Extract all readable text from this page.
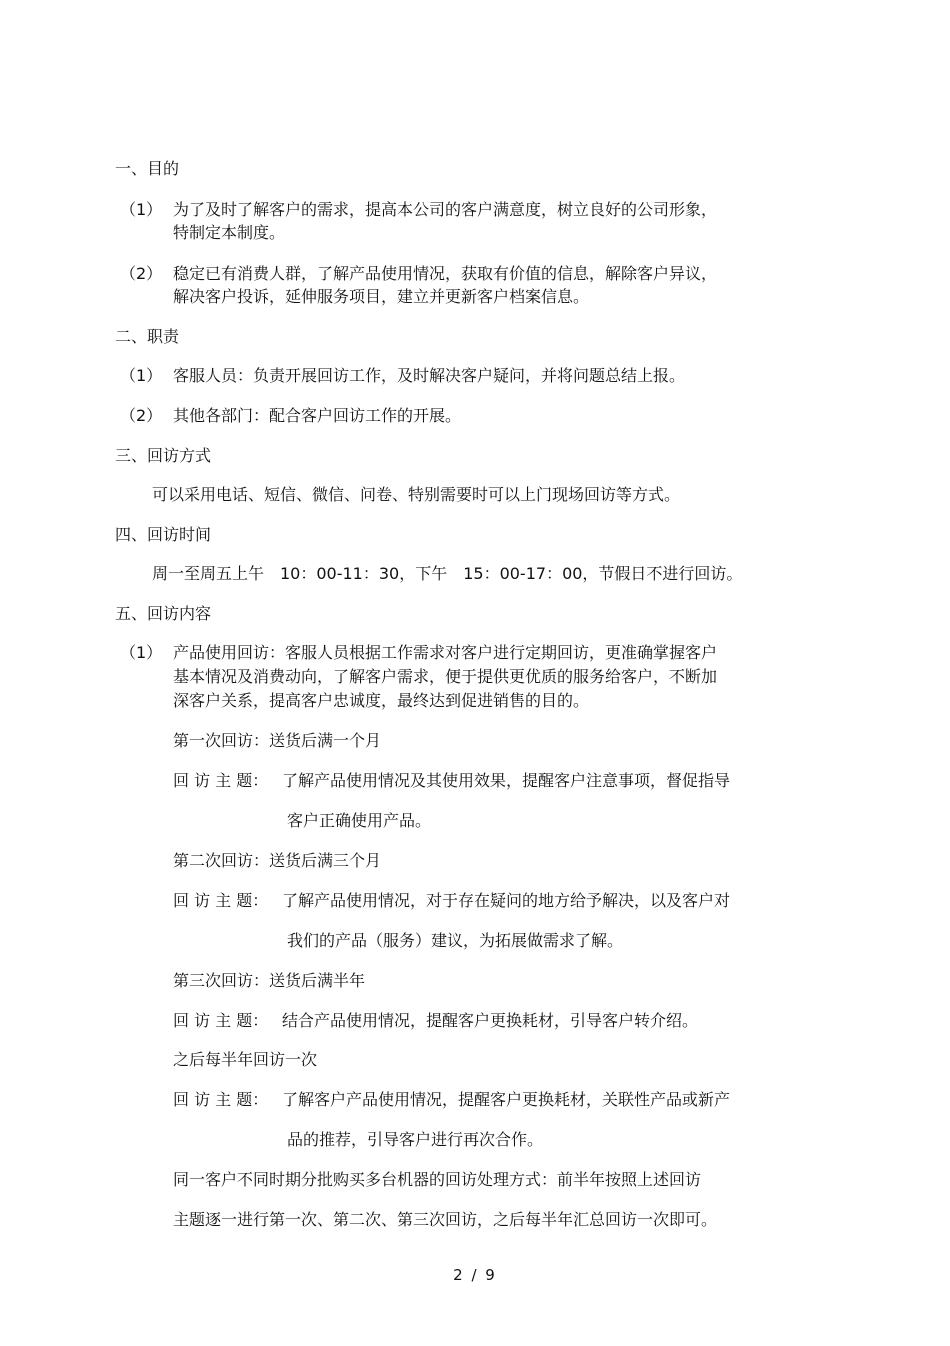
一、目的
（1） 为了及时了解客户的需求，提高本公司的客户满意度，树立良好的公司形象，
特制定本制度。
（2） 稳定已有消费人群，了解产品使用情况，获取有价值的信息，解除客户异议，
解决客户投诉，延伸服务项目，建立并更新客户档案信息。
二、职责
（1） 客服人员：负责开展回访工作，及时解决客户疑问，并将问题总结上报。
（2） 其他各部门：配合客户回访工作的开展。
三、回访方式
可以采用电话、短信、微信、问卷、特别需要时可以上门现场回访等方式。
四、回访时间
周一至周五上午　10：00-11：30，下午　15：00-17：00，节假日不进行回访。
五、回访内容
（1） 产品使用回访：客服人员根据工作需求对客户进行定期回访，更准确掌握客户
基本情况及消费动向，了解客户需求，便于提供更优质的服务给客户，不断加
深客户关系，提高客户忠诚度，最终达到促进销售的目的。
第一次回访：送货后满一个月
回 访 主 题： 了解产品使用情况及其使用效果，提醒客户注意事项，督促指导
客户正确使用产品。
第二次回访：送货后满三个月
回 访 主 题： 了解产品使用情况，对于存在疑问的地方给予解决，以及客户对
我们的产品（服务）建议，为拓展做需求了解。
第三次回访：送货后满半年
回 访 主 题： 结合产品使用情况，提醒客户更换耗材，引导客户转介绍。
之后每半年回访一次
回 访 主 题： 了解客户产品使用情况，提醒客户更换耗材，关联性产品或新产
品的推荐，引导客户进行再次合作。
同一客户不同时期分批购买多台机器的回访处理方式：前半年按照上述回访
主题逐一进行第一次、第二次、第三次回访，之后每半年汇总回访一次即可。
2 / 9
